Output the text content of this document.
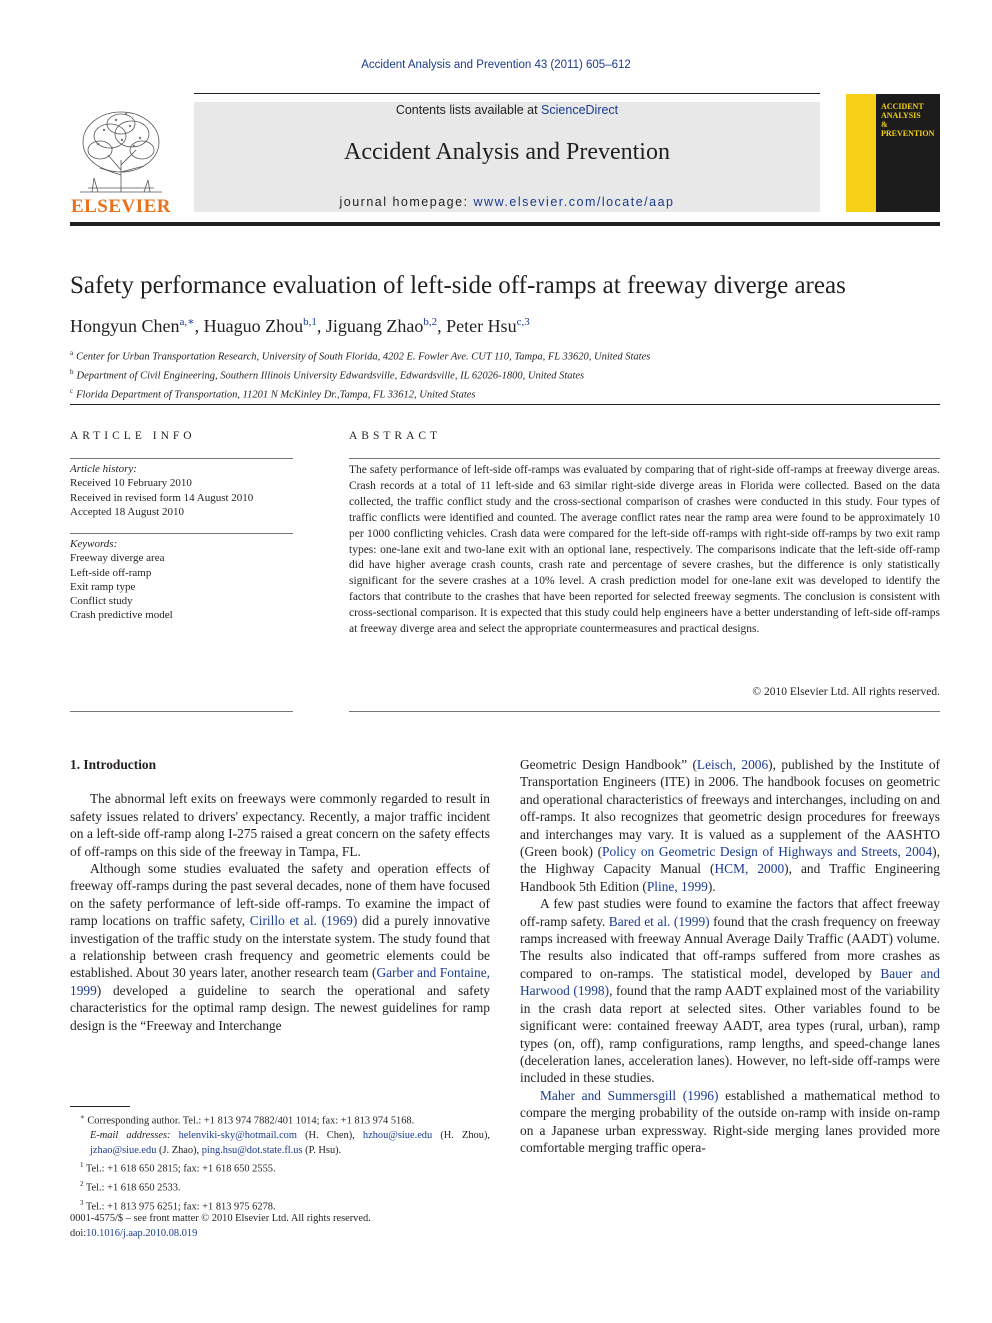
Accident Analysis and Prevention 43 (2011) 605–612
ELSEVIER
Contents lists available at ScienceDirect
Accident Analysis and Prevention
journal homepage: www.elsevier.com/locate/aap
ACCIDENT
ANALYSIS
&
PREVENTION
Safety performance evaluation of left-side off-ramps at freeway diverge areas
Hongyun Chen$^{a,∗}$, Huaguo Zhou$^{b,1}$, Jiguang Zhao$^{b,2}$, Peter Hsu$^{c,3}$
$^a$ Center for Urban Transportation Research, University of South Florida, 4202 E. Fowler Ave. CUT 110, Tampa, FL 33620, United States
$^b$ Department of Civil Engineering, Southern Illinois University Edwardsville, Edwardsville, IL 62026-1800, United States
$^c$ Florida Department of Transportation, 11201 N McKinley Dr.,Tampa, FL 33612, United States
ARTICLE INFO
Article history:
Received 10 February 2010
Received in revised form 14 August 2010
Accepted 18 August 2010
Keywords:
Freeway diverge area
Left-side off-ramp
Exit ramp type
Conflict study
Crash predictive model
ABSTRACT
The safety performance of left-side off-ramps was evaluated by comparing that of right-side off-ramps at freeway diverge areas. Crash records at a total of 11 left-side and 63 similar right-side diverge areas in Florida were collected. Based on the data collected, the traffic conflict study and the cross-sectional comparison of crashes were conducted in this study. Four types of traffic conflicts were identified and counted. The average conflict rates near the ramp area were found to be approximately 10 per 1000 conflicting vehicles. Crash data were compared for the left-side off-ramps with right-side off-ramps by two exit ramp types: one-lane exit and two-lane exit with an optional lane, respectively. The comparisons indicate that the left-side off-ramp did have higher average crash counts, crash rate and percentage of severe crashes, but the difference is only statistically significant for the severe crashes at a 10% level. A crash prediction model for one-lane exit was developed to identify the factors that contribute to the crashes that have been reported for selected freeway segments. The conclusion is consistent with cross-sectional comparison. It is expected that this study could help engineers have a better understanding of left-side off-ramps at freeway diverge area and select the appropriate countermeasures and practical designs.
© 2010 Elsevier Ltd. All rights reserved.

1. Introduction

The abnormal left exits on freeways were commonly regarded to result in safety issues related to drivers' expectancy. Recently, a major traffic incident on a left-side off-ramp along I-275 raised a great concern on the safety effects of off-ramps on this side of the freeway in Tampa, FL.

Although some studies evaluated the safety and operation effects of freeway off-ramps during the past several decades, none of them have focused on the safety performance of left-side off-ramps. To examine the impact of ramp locations on traffic safety, Cirillo et al. (1969) did a purely innovative investigation of the traffic study on the interstate system. The study found that a relationship between crash frequency and geometric elements could be established. About 30 years later, another research team (Garber and Fontaine, 1999) developed a guideline to search the operational and safety characteristics for the optimal ramp design. The newest guidelines for ramp design is the “Freeway and Interchange

Geometric Design Handbook” (Leisch, 2006), published by the Institute of Transportation Engineers (ITE) in 2006. The handbook focuses on geometric and operational characteristics of freeways and interchanges, including on and off-ramps. It also recognizes that geometric design procedures for freeways and interchanges may vary. It is valued as a supplement of the AASHTO (Green book) (Policy on Geometric Design of Highways and Streets, 2004), the Highway Capacity Manual (HCM, 2000), and Traffic Engineering Handbook 5th Edition (Pline, 1999).

A few past studies were found to examine the factors that affect freeway off-ramp safety. Bared et al. (1999) found that the crash frequency on freeway ramps increased with freeway Annual Average Daily Traffic (AADT) volume. The results also indicated that off-ramps suffered from more crashes as compared to on-ramps. The statistical model, developed by Bauer and Harwood (1998), found that the ramp AADT explained most of the variability in the crash data report at selected sites. Other variables found to be significant were: contained freeway AADT, area types (rural, urban), ramp types (on, off), ramp configurations, ramp lengths, and speed-change lanes (deceleration lanes, acceleration lanes). However, no left-side off-ramps were included in these studies.

Maher and Summersgill (1996) established a mathematical method to compare the merging probability of the outside on-ramp with inside on-ramp on a Japanese urban expressway. Right-side merging lanes provided more comfortable merging traffic opera-

∗ Corresponding author. Tel.: +1 813 974 7882/401 1014; fax: +1 813 974 5168.
E-mail addresses: helenviki-sky@hotmail.com (H. Chen), hzhou@siue.edu (H. Zhou), jzhao@siue.edu (J. Zhao), ping.hsu@dot.state.fl.us (P. Hsu).
$^1$ Tel.: +1 618 650 2815; fax: +1 618 650 2555.
$^2$ Tel.: +1 618 650 2533.
$^3$ Tel.: +1 813 975 6251; fax: +1 813 975 6278.
0001-4575/$ – see front matter © 2010 Elsevier Ltd. All rights reserved.
doi:10.1016/j.aap.2010.08.019
